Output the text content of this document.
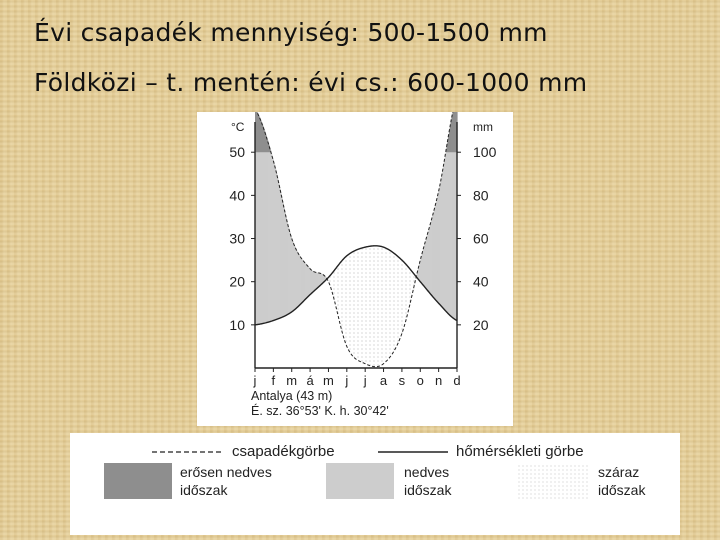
Évi csapadék mennyiség: 500-1500 mm
Földközi – t. mentén: évi cs.: 600-1000 mm
10
20
30
40
50
20
40
60
80
100
j f m á m j j a s o n d
°C	mm
Antalya (43 m)
É. sz. 36°53' K. h. 30°42'
csapadékgörbe	hőmérsékleti görbe
erősen nedves
időszak
nedves
időszak
száraz
időszak
